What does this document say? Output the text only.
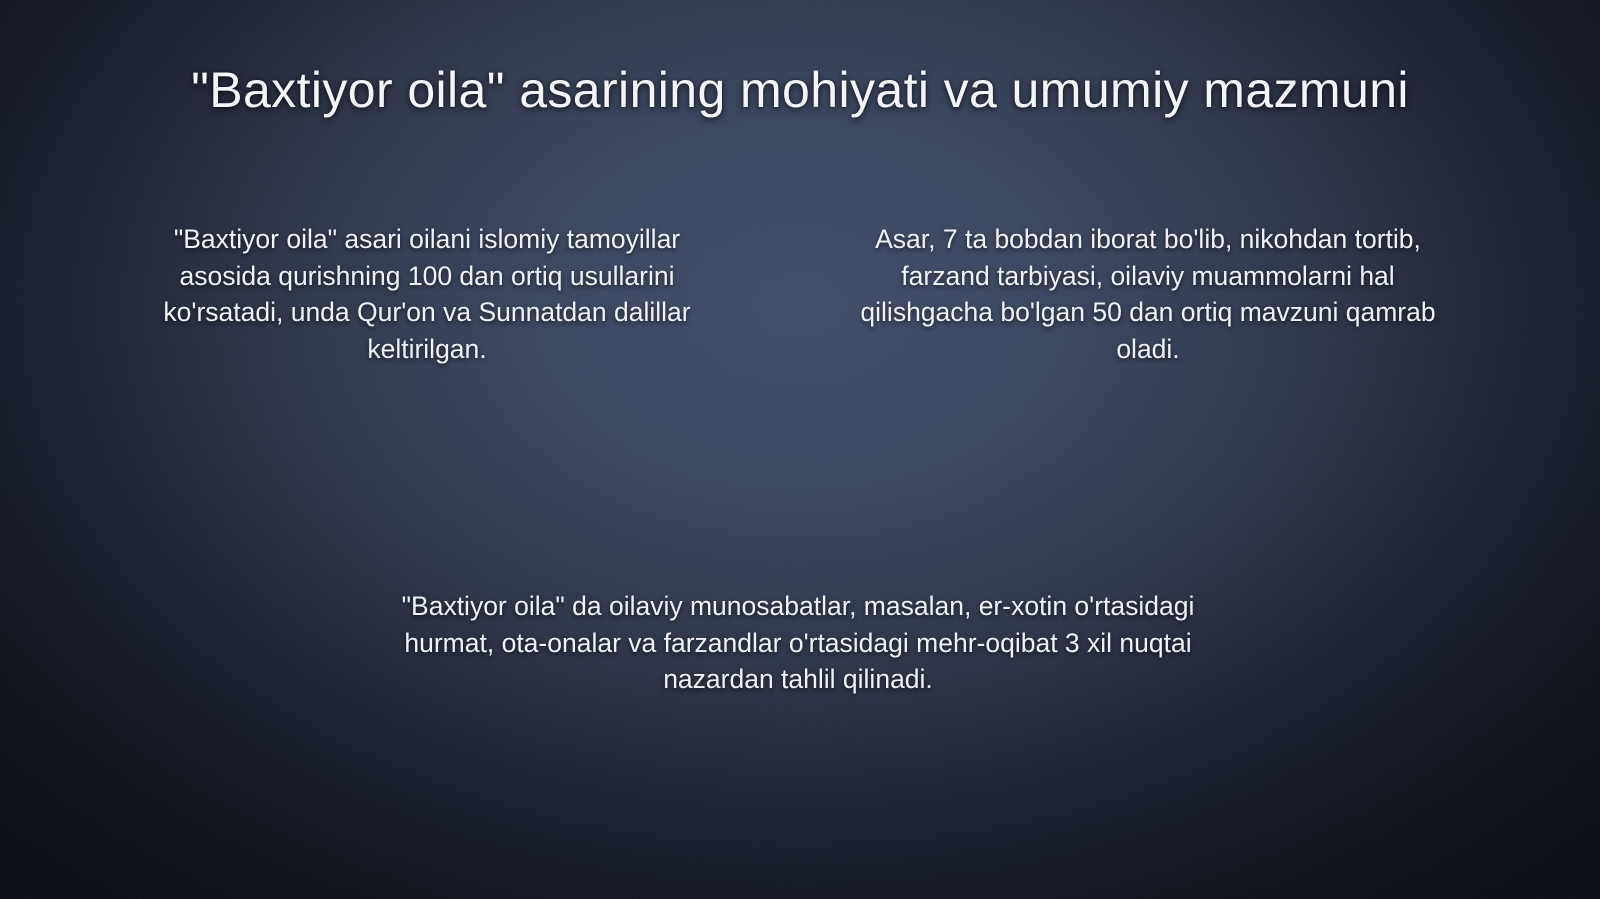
"Baxtiyor oila" asarining mohiyati va umumiy mazmuni

"Baxtiyor oila" asari oilani islomiy tamoyillar
asosida qurishning 100 dan ortiq usullarini
ko'rsatadi, unda Qur'on va Sunnatdan dalillar
keltirilgan.

Asar, 7 ta bobdan iborat bo'lib, nikohdan tortib,
farzand tarbiyasi, oilaviy muammolarni hal
qilishgacha bo'lgan 50 dan ortiq mavzuni qamrab
oladi.

"Baxtiyor oila" da oilaviy munosabatlar, masalan, er-xotin o'rtasidagi
hurmat, ota-onalar va farzandlar o'rtasidagi mehr-oqibat 3 xil nuqtai
nazardan tahlil qilinadi.
